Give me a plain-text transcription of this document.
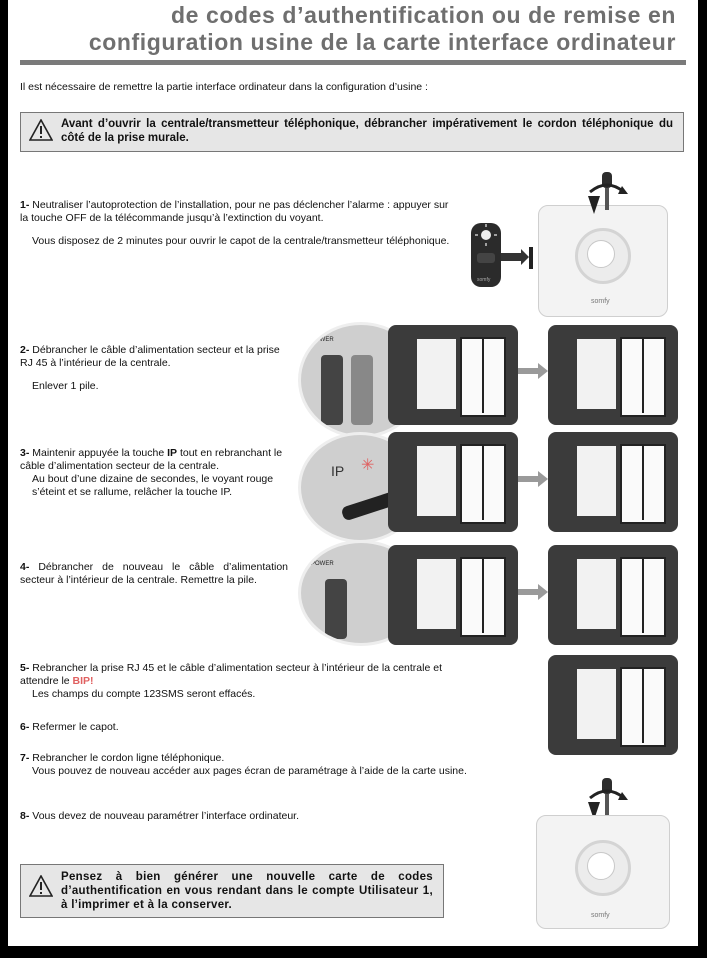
de codes d’authentification ou de remise en
configuration usine de la carte interface ordinateur
Il est nécessaire de remettre la partie interface ordinateur dans la configuration d’usine :
Avant d’ouvrir la centrale/transmetteur téléphonique, débrancher impérativement le cordon téléphonique du côté de la prise murale.

1- Neutraliser l’autoprotection de l’installation, pour ne pas déclencher l’alarme : appuyer sur la touche OFF de la télécommande jusqu’à l’extinction du voyant.

Vous disposez de 2 minutes pour ouvrir le capot de la centrale/transmetteur téléphonique.

somfy
somfy

2- Débrancher le câble d’alimentation secteur et la prise RJ 45 à l’intérieur de la centrale.

Enlever 1 pile.

POWER

3- Maintenir appuyée la touche IP tout en rebranchant le câble d’alimentation secteur de la centrale.

Au bout d’une dizaine de secondes, le voyant rouge s’éteint et se rallume, relâcher la touche IP.

IP ✳

4- Débrancher de nouveau le câble d’alimentation secteur à l’intérieur de la centrale. Remettre la pile.

POWER

5- Rebrancher la prise RJ 45 et le câble d’alimentation secteur à l’intérieur de la centrale et attendre le BIP!

Les champs du compte 123SMS seront effacés.

6- Refermer le capot.

7- Rebrancher le cordon ligne téléphonique.

Vous pouvez de nouveau accéder aux pages écran de paramétrage à l’aide de la carte usine.

8- Vous devez de nouveau paramétrer l’interface ordinateur.

somfy
Pensez à bien générer une nouvelle carte de codes d’authentification en vous rendant dans le compte Utilisateur 1, à l’imprimer et à la conserver.
